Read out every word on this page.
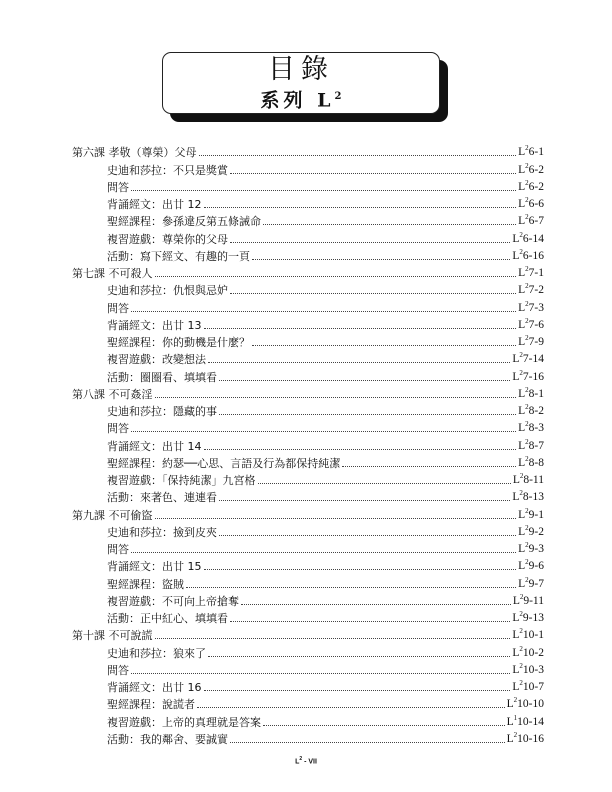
目錄
系列 $L^2$
第六課 孝敬（尊榮）父母	$L^26-1$
史迪和莎拉：不只是獎賞	$L^26-2$
問答	$L^26-2$
背誦經文：出廿 12	$L^26-6$
聖經課程：參孫違反第五條誡命	$L^26-7$
複習遊戲：尊榮你的父母	$L^26-14$
活動：寫下經文、有趣的一頁	$L^26-16$
第七課 不可殺人	$L^27-1$
史迪和莎拉：仇恨與忌妒	$L^27-2$
問答	$L^27-3$
背誦經文：出廿 13	$L^27-6$
聖經課程：你的動機是什麼？	$L^27-9$
複習遊戲：改變想法	$L^27-14$
活動：圈圈看、填填看	$L^27-16$
第八課 不可姦淫	$L^28-1$
史迪和莎拉：隱藏的事	$L^28-2$
問答	$L^28-3$
背誦經文：出廿 14	$L^28-7$
聖經課程：約瑟──心思、言語及行為都保持純潔	$L^28-8$
複習遊戲：「保持純潔」九宮格	$L^28-11$
活動：來著色、連連看	$L^28-13$
第九課 不可偷盜	$L^29-1$
史迪和莎拉：撿到皮夾	$L^29-2$
問答	$L^29-3$
背誦經文：出廿 15	$L^29-6$
聖經課程：盜賊	$L^29-7$
複習遊戲：不可向上帝搶奪	$L^29-11$
活動：正中紅心、填填看	$L^29-13$
第十課 不可說謊	$L^210-1$
史迪和莎拉：狼來了	$L^210-2$
問答	$L^210-3$
背誦經文：出廿 16	$L^210-7$
聖經課程：說謊者	$L^210-10$
複習遊戲：上帝的真理就是答案	$L^110-14$
活動：我的鄰舍、要誠實	$L^210-16$
$L^2$ - VII
